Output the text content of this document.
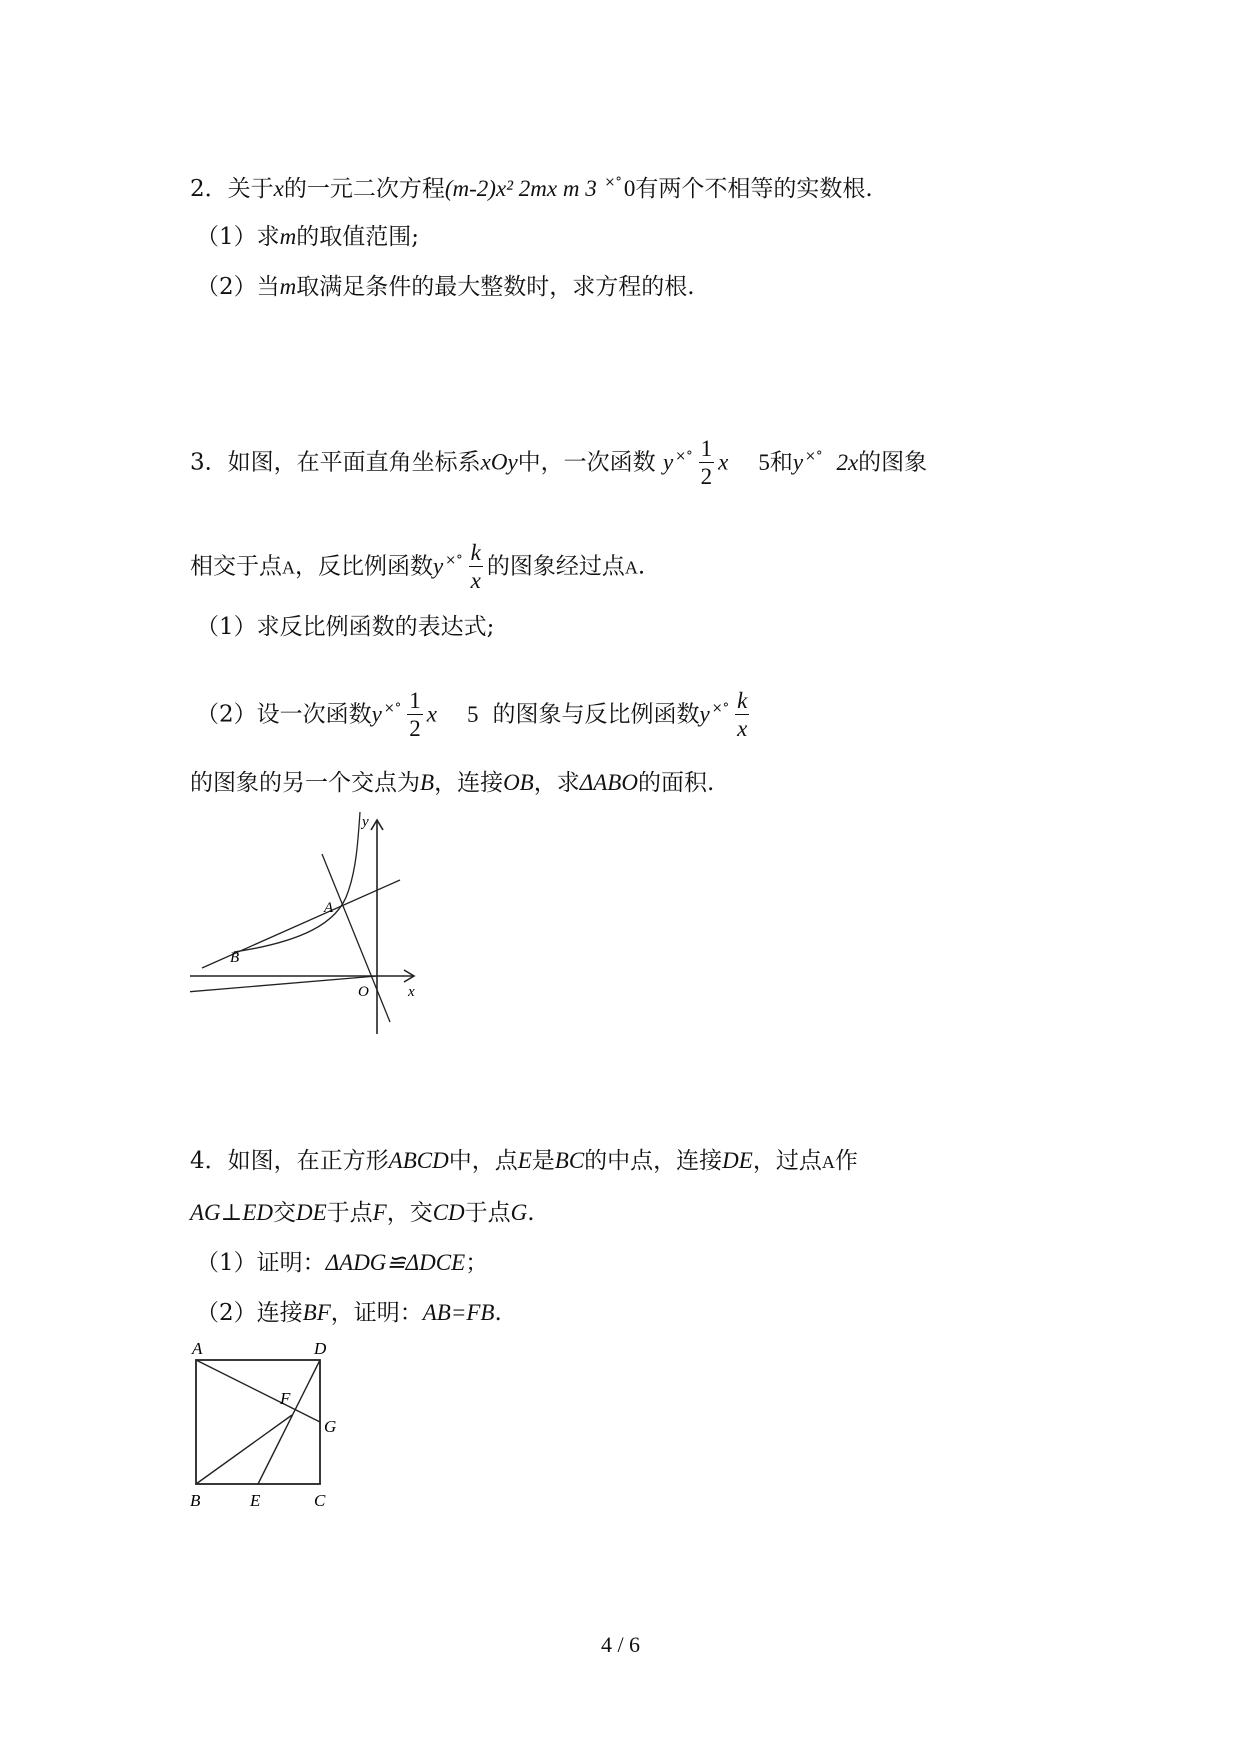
2．关于x的一元二次方程(m-2)x² 2mx m 3 ×°0有两个不相等的实数根.
（1）求m的取值范围;
（2）当m取满足条件的最大整数时，求方程的根.
3．如图，在平面直角坐标系xOy中，一次函数 y $^{\times^\circ} \frac{1}{2}$ x 5和y ×° 2x的图象
相交于点A，反比例函数y $^{\times^\circ} \frac{k}{x}$ 的图象经过点A.
（1）求反比例函数的表达式;
（2）设一次函数y $^{\times^\circ} \frac{1}{2}$ x 5 的图象与反比例函数y $^{\times^\circ} \frac{k}{x}$
的图象的另一个交点为B，连接OB，求ΔABO的面积.
y
x
A
B
O
4．如图，在正方形ABCD中，点E是BC的中点，连接DE，过点A作
AG⊥ED交DE于点F，交CD于点G.
（1）证明：ΔADG≌ΔDCE；
（2）连接BF，证明：AB=FB.
A	D
F
G
B	E	C
4 / 6
